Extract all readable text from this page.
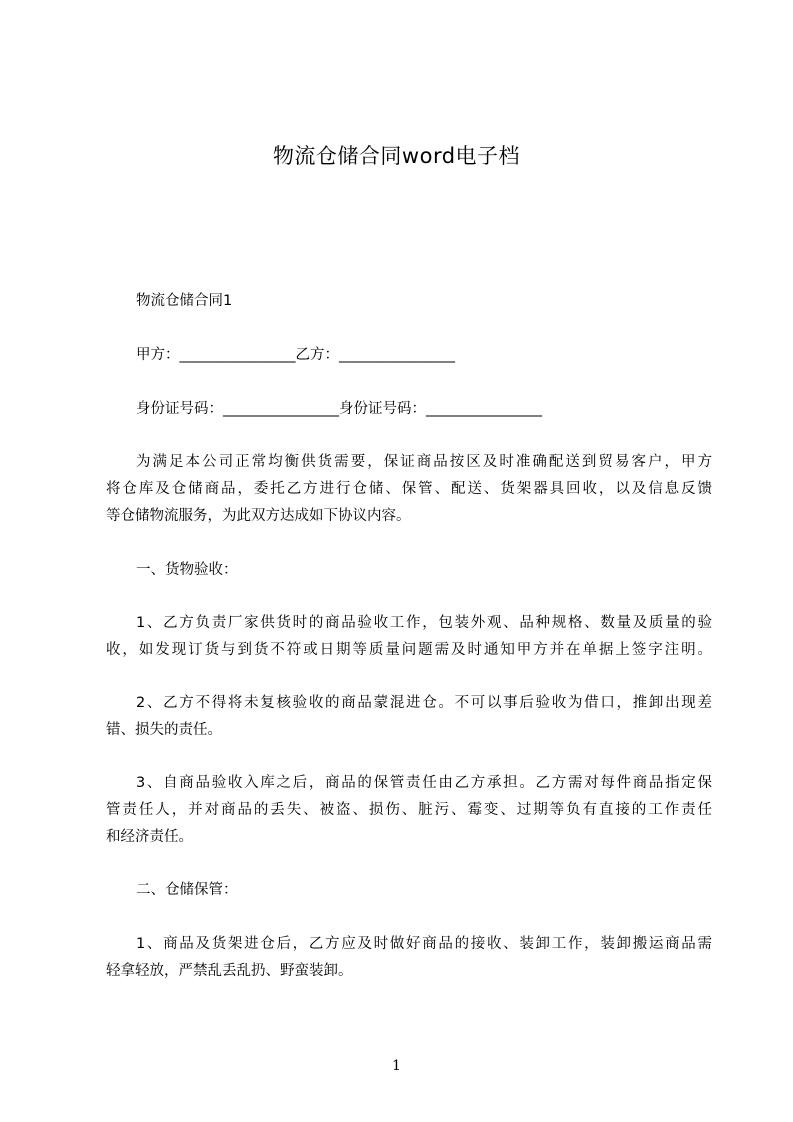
物流仓储合同word电子档
物流仓储合同1
甲方：________________乙方：________________
身份证号码：________________身份证号码：________________
为满足本公司正常均衡供货需要，保证商品按区及时准确配送到贸易客户，甲方
将仓库及仓储商品，委托乙方进行仓储、保管、配送、货架器具回收，以及信息反馈
等仓储物流服务，为此双方达成如下协议内容。
一、货物验收：
1、乙方负责厂家供货时的商品验收工作，包装外观、品种规格、数量及质量的验
收，如发现订货与到货不符或日期等质量问题需及时通知甲方并在单据上签字注明。
2、乙方不得将未复核验收的商品蒙混进仓。不可以事后验收为借口，推卸出现差
错、损失的责任。
3、自商品验收入库之后，商品的保管责任由乙方承担。乙方需对每件商品指定保
管责任人，并对商品的丢失、被盗、损伤、脏污、霉变、过期等负有直接的工作责任
和经济责任。
二、仓储保管：
1、商品及货架进仓后，乙方应及时做好商品的接收、装卸工作，装卸搬运商品需
轻拿轻放，严禁乱丢乱扔、野蛮装卸。
1
